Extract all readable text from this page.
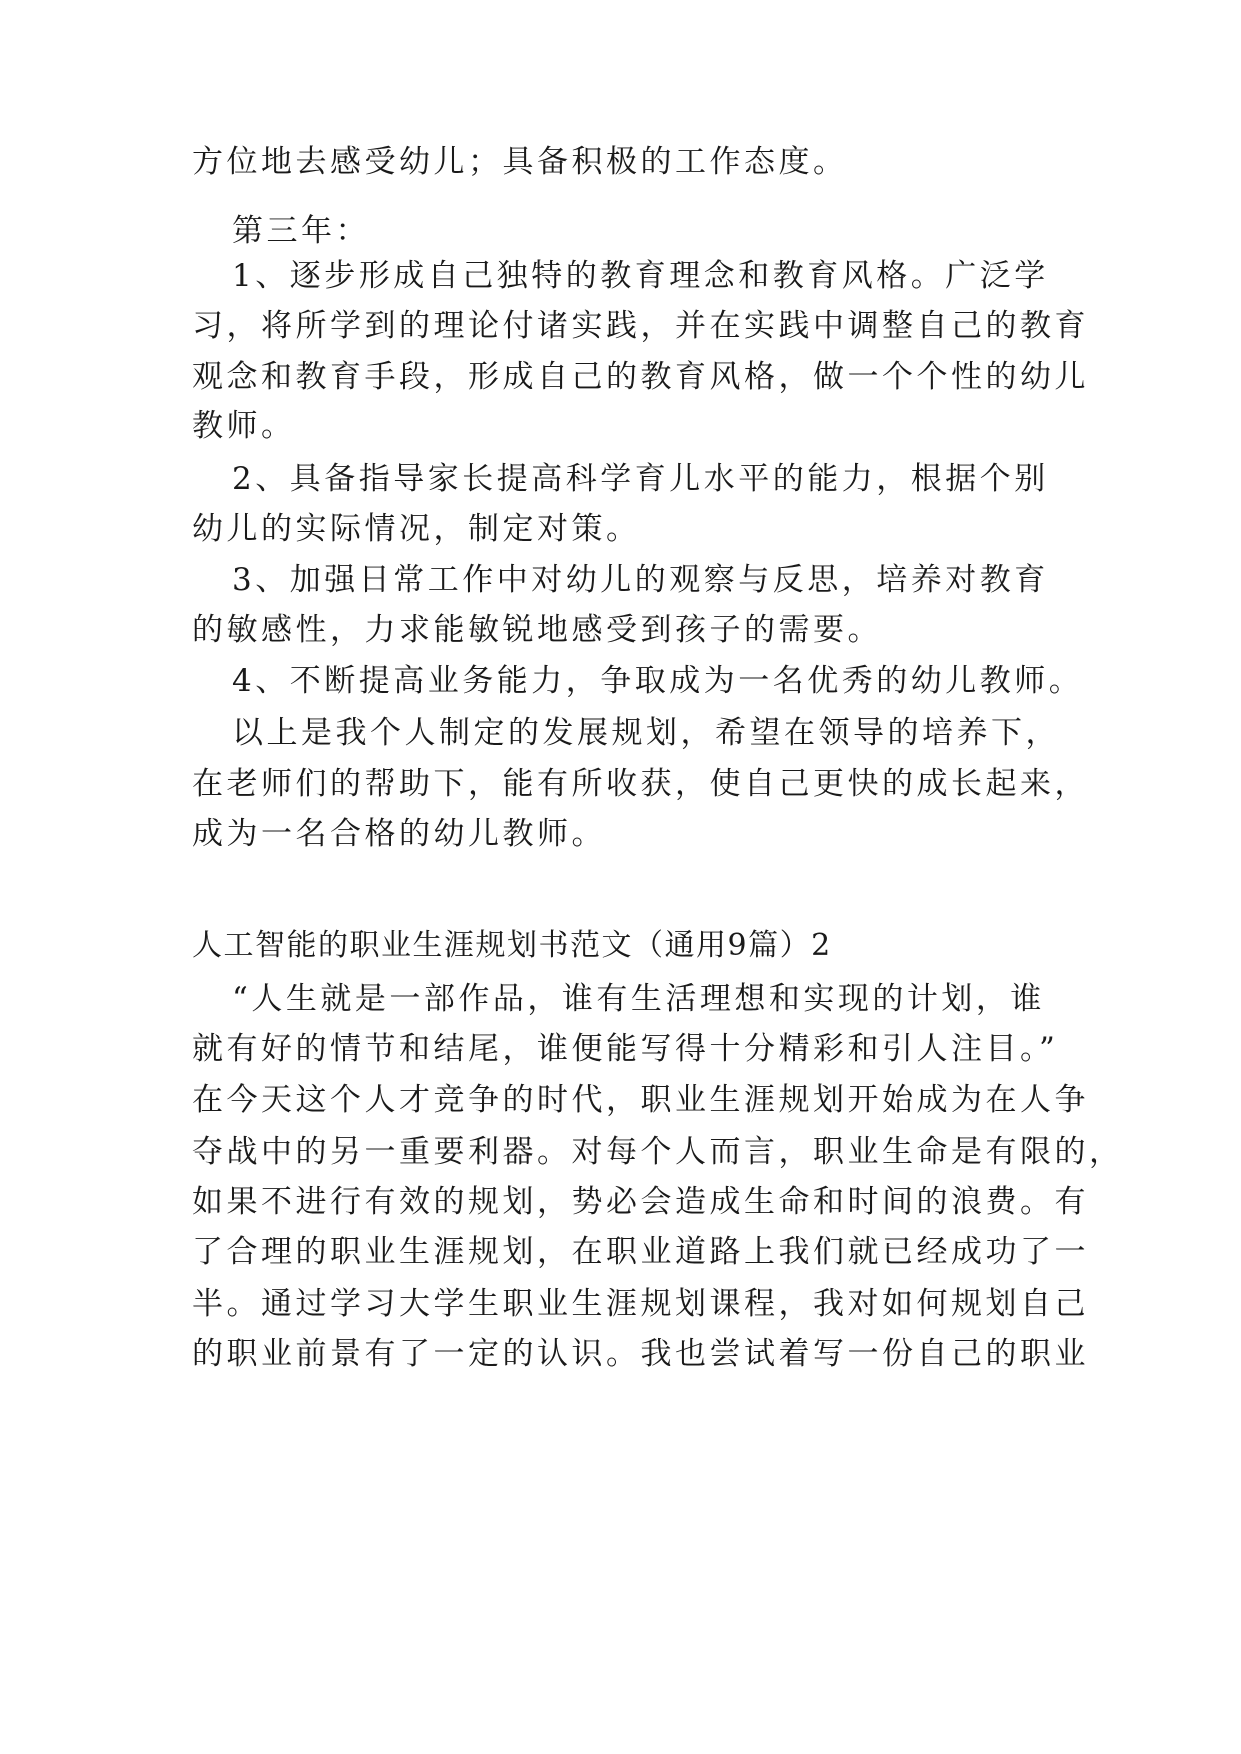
方位地去感受幼儿；具备积极的工作态度。
第三年：
1、逐步形成自己独特的教育理念和教育风格。广泛学
习，将所学到的理论付诸实践，并在实践中调整自己的教育
观念和教育手段，形成自己的教育风格，做一个个性的幼儿
教师。
2、具备指导家长提高科学育儿水平的能力，根据个别
幼儿的实际情况，制定对策。
3、加强日常工作中对幼儿的观察与反思，培养对教育
的敏感性，力求能敏锐地感受到孩子的需要。
4、不断提高业务能力，争取成为一名优秀的幼儿教师。
以上是我个人制定的发展规划，希望在领导的培养下，
在老师们的帮助下，能有所收获，使自己更快的成长起来，
成为一名合格的幼儿教师。
人工智能的职业生涯规划书范文（通用9篇）2
“人生就是一部作品，谁有生活理想和实现的计划，谁
就有好的情节和结尾，谁便能写得十分精彩和引人注目。”
在今天这个人才竞争的时代，职业生涯规划开始成为在人争
夺战中的另一重要利器。对每个人而言，职业生命是有限的，
如果不进行有效的规划，势必会造成生命和时间的浪费。有
了合理的职业生涯规划，在职业道路上我们就已经成功了一
半。通过学习大学生职业生涯规划课程，我对如何规划自己
的职业前景有了一定的认识。我也尝试着写一份自己的职业
